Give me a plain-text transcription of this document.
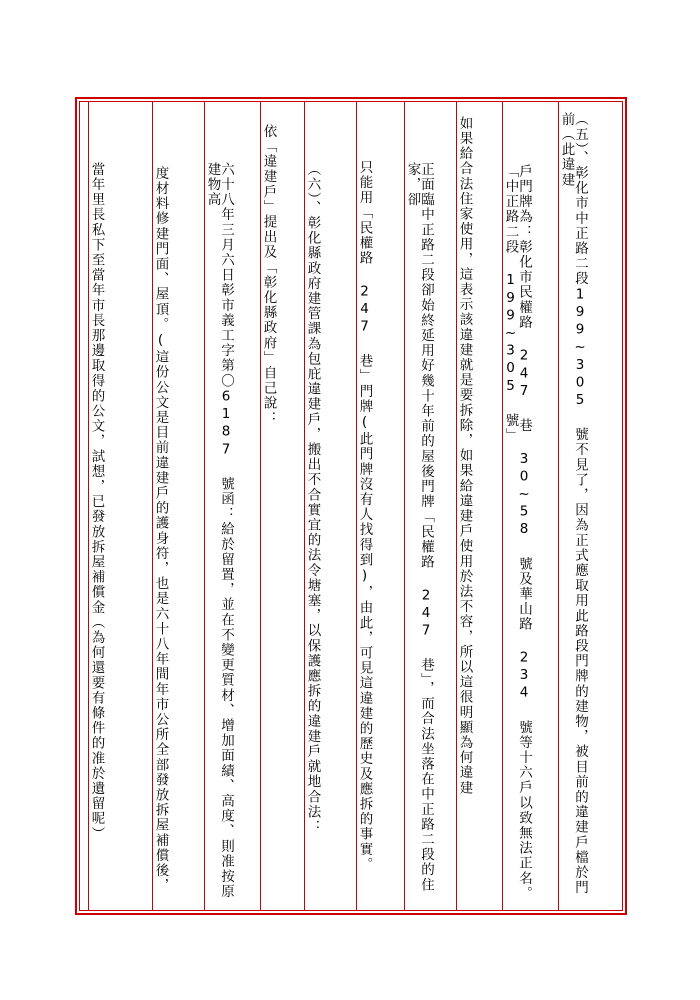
（五）、彰化市中正路二段199~305 號不見了，因為正式應取用此路段門牌的建物，被目前的違建戶檔於門前（此違建
戶門牌為：彰化市民權路 247 巷 30~58 號及華山路 234 號等十六戶以致無法正名。「中正路二段 199~305 號」
如果給合法住家使用，這表示該違建就是要拆除，如果給違建戶使用於法不容，所以這很明顯為何違建
正面臨中正路二段卻始終延用好幾十年前的屋後門牌「民權路 247 巷」，而合法坐落在中正路二段的住家，卻
只能用「民權路 247 巷」門牌(此門牌沒有人找得到)，由此，可見這違建的歷史及應拆的事實。
（六）、彰化縣政府建管課為包庇違建戶，搬出不合實宜的法令塘塞，以保護應拆的違建戶就地合法：
依「違建戶」提出及「彰化縣政府」自己說：
六十八年三月六日彰市義工字第〇6187 號函：給於留置，並在不變更質材、增加面績、高度、則准按原建物高
度材料修建門面、屋頂。(這份公文是目前違建戶的護身符，也是六十八年間年市公所全部發放拆屋補償後，
當年里長私下至當年市長那邊取得的公文，試想，已發放拆屋補償金（為何還要有條件的准於遺留呢）
